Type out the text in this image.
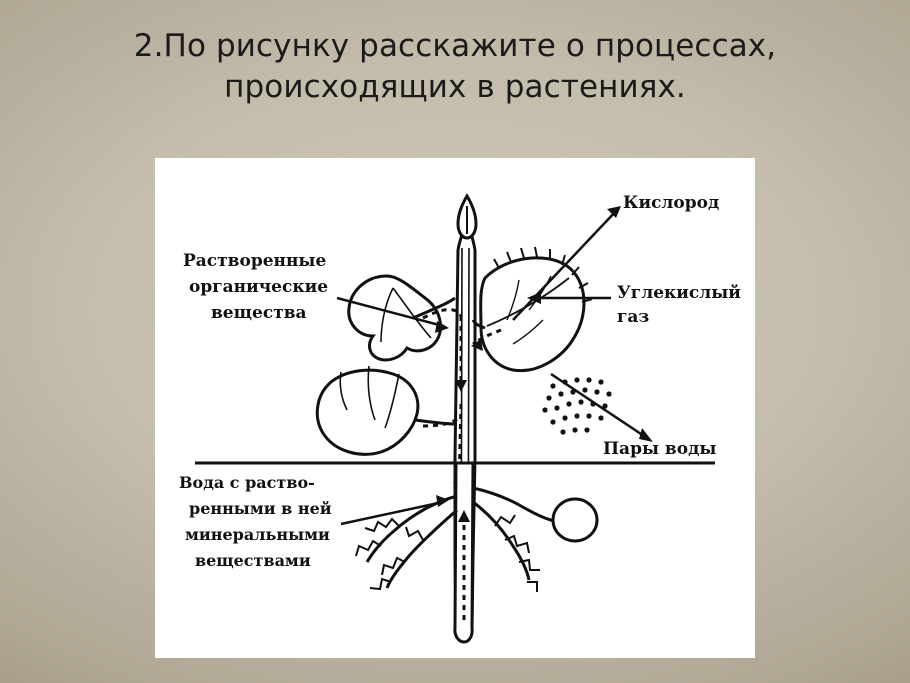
2.По рисунку расскажите о процессах, происходящих в растениях.
Кислород
Углекислый
газ
Пары воды
Растворенные
органические
вещества
Вода с раство-
ренными в ней
минеральными
веществами
